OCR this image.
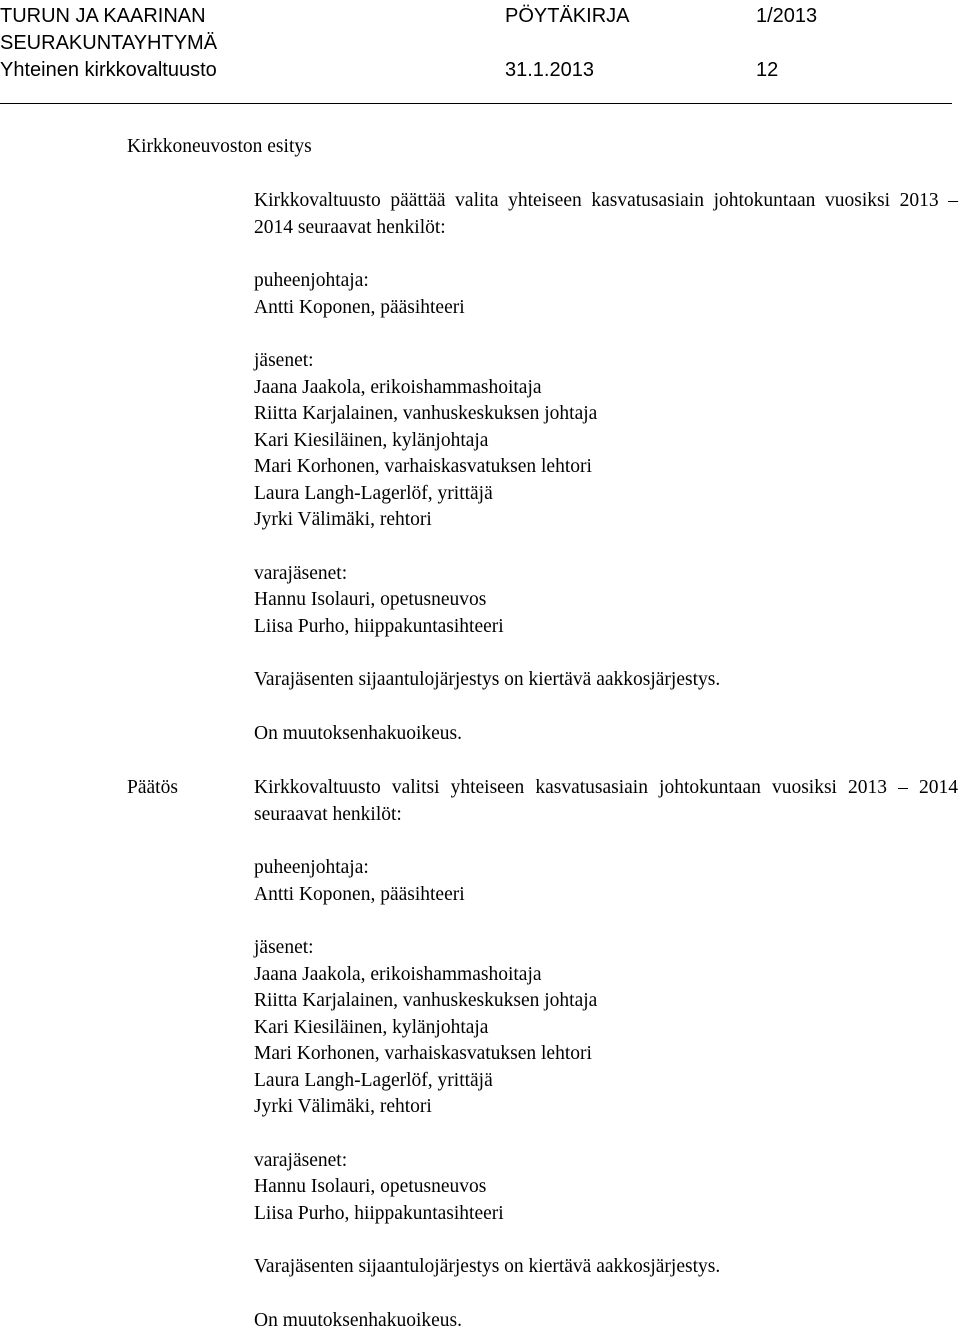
TURUN JA KAARINAN
SEURAKUNTAYHTYMÄ
Yhteinen kirkkovaltuusto
PÖYTÄKIRJA
31.1.2013
1/2013
12
Kirkkoneuvoston esitys

Kirkkovaltuusto päättää valita yhteiseen kasvatusasiain johtokuntaan vuosiksi 2013 – 2014 seuraavat henkilöt:

puheenjohtaja:

Antti Koponen, pääsihteeri

jäsenet:

Jaana Jaakola, erikoishammashoitaja

Riitta Karjalainen, vanhuskeskuksen johtaja

Kari Kiesiläinen, kylänjohtaja

Mari Korhonen, varhaiskasvatuksen lehtori

Laura Langh-Lagerlöf, yrittäjä

Jyrki Välimäki, rehtori

varajäsenet:

Hannu Isolauri, opetusneuvos

Liisa Purho, hiippakuntasihteeri

Varajäsenten sijaantulojärjestys on kiertävä aakkosjärjestys.

On muutoksenhakuoikeus.

Päätös	Kirkkovaltuusto valitsi yhteiseen kasvatusasiain johtokuntaan vuosiksi 2013 – 2014 seuraavat henkilöt:

puheenjohtaja:

Antti Koponen, pääsihteeri

jäsenet:

Jaana Jaakola, erikoishammashoitaja

Riitta Karjalainen, vanhuskeskuksen johtaja

Kari Kiesiläinen, kylänjohtaja

Mari Korhonen, varhaiskasvatuksen lehtori

Laura Langh-Lagerlöf, yrittäjä

Jyrki Välimäki, rehtori

varajäsenet:

Hannu Isolauri, opetusneuvos

Liisa Purho, hiippakuntasihteeri

Varajäsenten sijaantulojärjestys on kiertävä aakkosjärjestys.

On muutoksenhakuoikeus.
